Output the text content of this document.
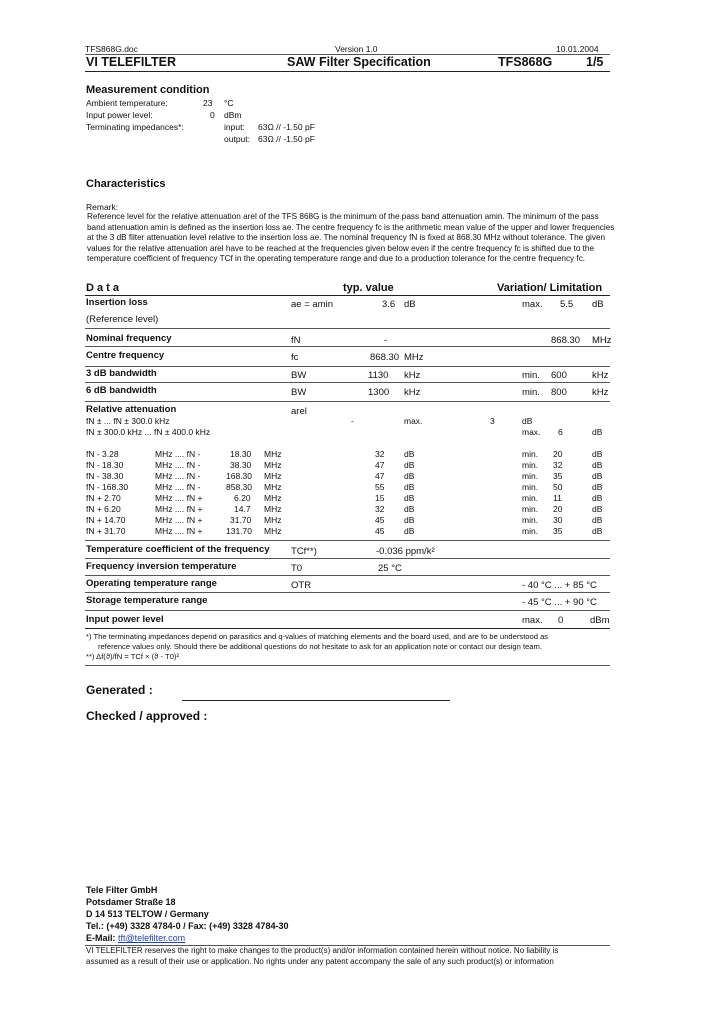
TFS868G.doc	Version 1.0	10.01.2004
VI TELEFILTER	SAW Filter Specification	TFS868G	1/5
Measurement condition
Ambient temperature:	23 °C
Input power level:	0 dBm
Terminating impedances*:	input: 63Ω // -1.50 pF
output: 63Ω // -1.50 pF
Characteristics
Remark:
Reference level for the relative attenuation arel of the TFS 868G is the minimum of the pass band attenuation amin. The minimum of the pass
band attenuation amin is defined as the insertion loss ae. The centre frequency fc is the arithmetic mean value of the upper and lower frequencies
at the 3 dB filter attenuation level relative to the insertion loss ae. The nominal frequency fN is fixed at 868.30 MHz without tolerance. The given
values for the relative attenuation arel have to be reached at the frequencies given below even if the centre frequency fc is shifted due to the
temperature coefficient of frequency TCf in the operating temperature range and due to a production tolerance for the centre frequency fc.
D a t a	typ. value	Variation/ Limitation
Insertion loss	ae = amin	3.6 dB	max. 5.5 dB
(Reference level)
Nominal frequency	fN	-	868.30 MHz
Centre frequency	fc	868.30 MHz
3 dB bandwidth	BW	1130 kHz	min. 600	kHz
6 dB bandwidth	BW	1300 kHz	min. 800	kHz
Relative attenuation	arel
fN ± ... fN ± 300.0 kHz	-	max.	3	dB
fN ± 300.0 kHz ... fN ± 400.0 kHz	max. 6	dB
fN - 3.28	MHz .... fN -	18.30 MHz	32 dB	min. 20	dB
fN - 18.30	MHz .... fN -	38.30 MHz	47 dB	min. 32	dB
fN - 38.30	MHz .... fN -	168.30 MHz	47 dB	min. 35	dB
fN - 168.30	MHz .... fN -	858.30 MHz	55 dB	min. 50	dB
fN + 2.70	MHz .... fN +	6.20 MHz	15 dB	min. 11	dB
fN + 6.20	MHz .... fN +	14.7 MHz	32 dB	min. 20	dB
fN + 14.70	MHz .... fN +	31.70 MHz	45 dB	min. 30	dB
fN + 31.70	MHz .... fN +	131.70 MHz	45 dB	min. 35	dB
Temperature coefficient of the frequency TCf**)	-0.036 ppm/k²
Frequency inversion temperature	T0	25 °C
Operating temperature range	OTR	- 40 °C ... + 85 °C
Storage temperature range	- 45 °C ... + 90 °C
Input power level	max. 0	dBm
*) The terminating impedances depend on parasitics and q-values of matching elements and the board used, and are to be understood as
reference values only. Should there be additional questions do not hesitate to ask for an application note or contact our design team.
**) Δf(ϑ)/fN = TCf × (ϑ - T0)²
Generated :
Checked / approved :
Tele Filter GmbH
Potsdamer Straße 18
D 14 513 TELTOW / Germany
Tel.: (+49) 3328 4784-0 / Fax: (+49) 3328 4784-30
E-Mail: tft@telefilter.com
VI TELEFILTER reserves the right to make changes to the product(s) and/or information contained herein without notice. No liability is
assumed as a result of their use or application. No rights under any patent accompany the sale of any such product(s) or information
